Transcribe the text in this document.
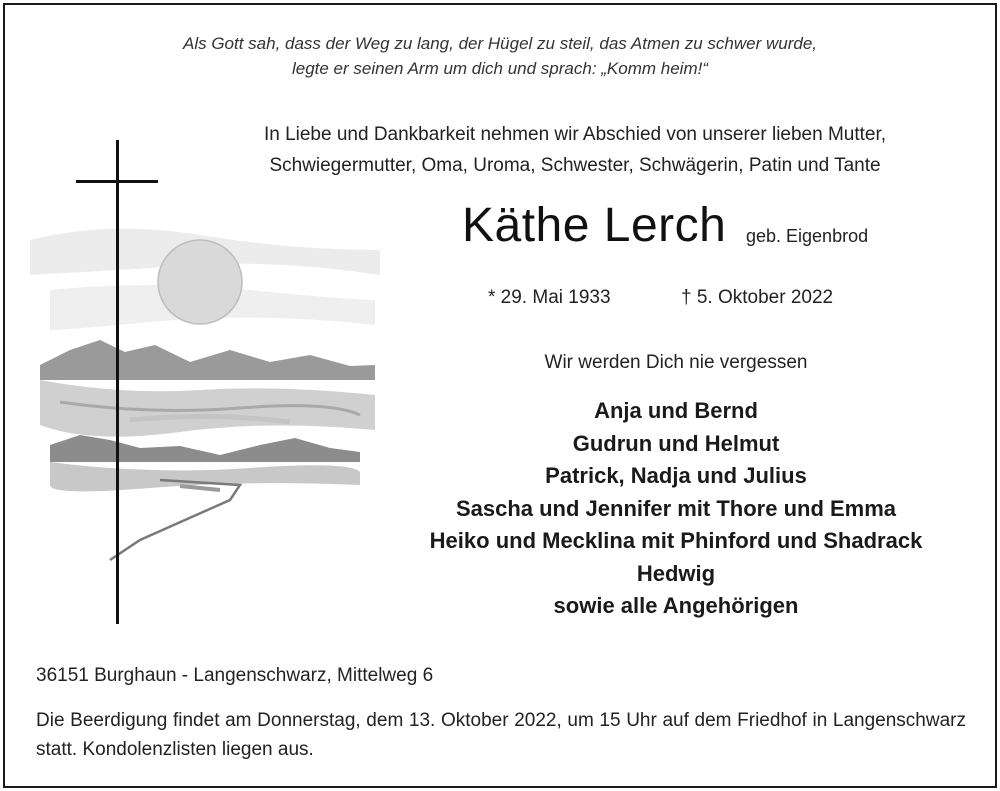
Als Gott sah, dass der Weg zu lang, der Hügel zu steil, das Atmen zu schwer wurde,
legte er seinen Arm um dich und sprach: „Komm heim!“
In Liebe und Dankbarkeit nehmen wir Abschied von unserer lieben Mutter,
Schwiegermutter, Oma, Uroma, Schwester, Schwägerin, Patin und Tante
Käthe Lerch geb. Eigenbrod
* 29. Mai 1933	† 5. Oktober 2022
Wir werden Dich nie vergessen
Anja und Bernd
Gudrun und Helmut
Patrick, Nadja und Julius
Sascha und Jennifer mit Thore und Emma
Heiko und Mecklina mit Phinford und Shadrack
Hedwig
sowie alle Angehörigen
36151 Burghaun - Langenschwarz, Mittelweg 6
Die Beerdigung findet am Donnerstag, dem 13. Oktober 2022, um 15 Uhr auf dem Friedhof in Langenschwarz statt. Kondolenzlisten liegen aus.
